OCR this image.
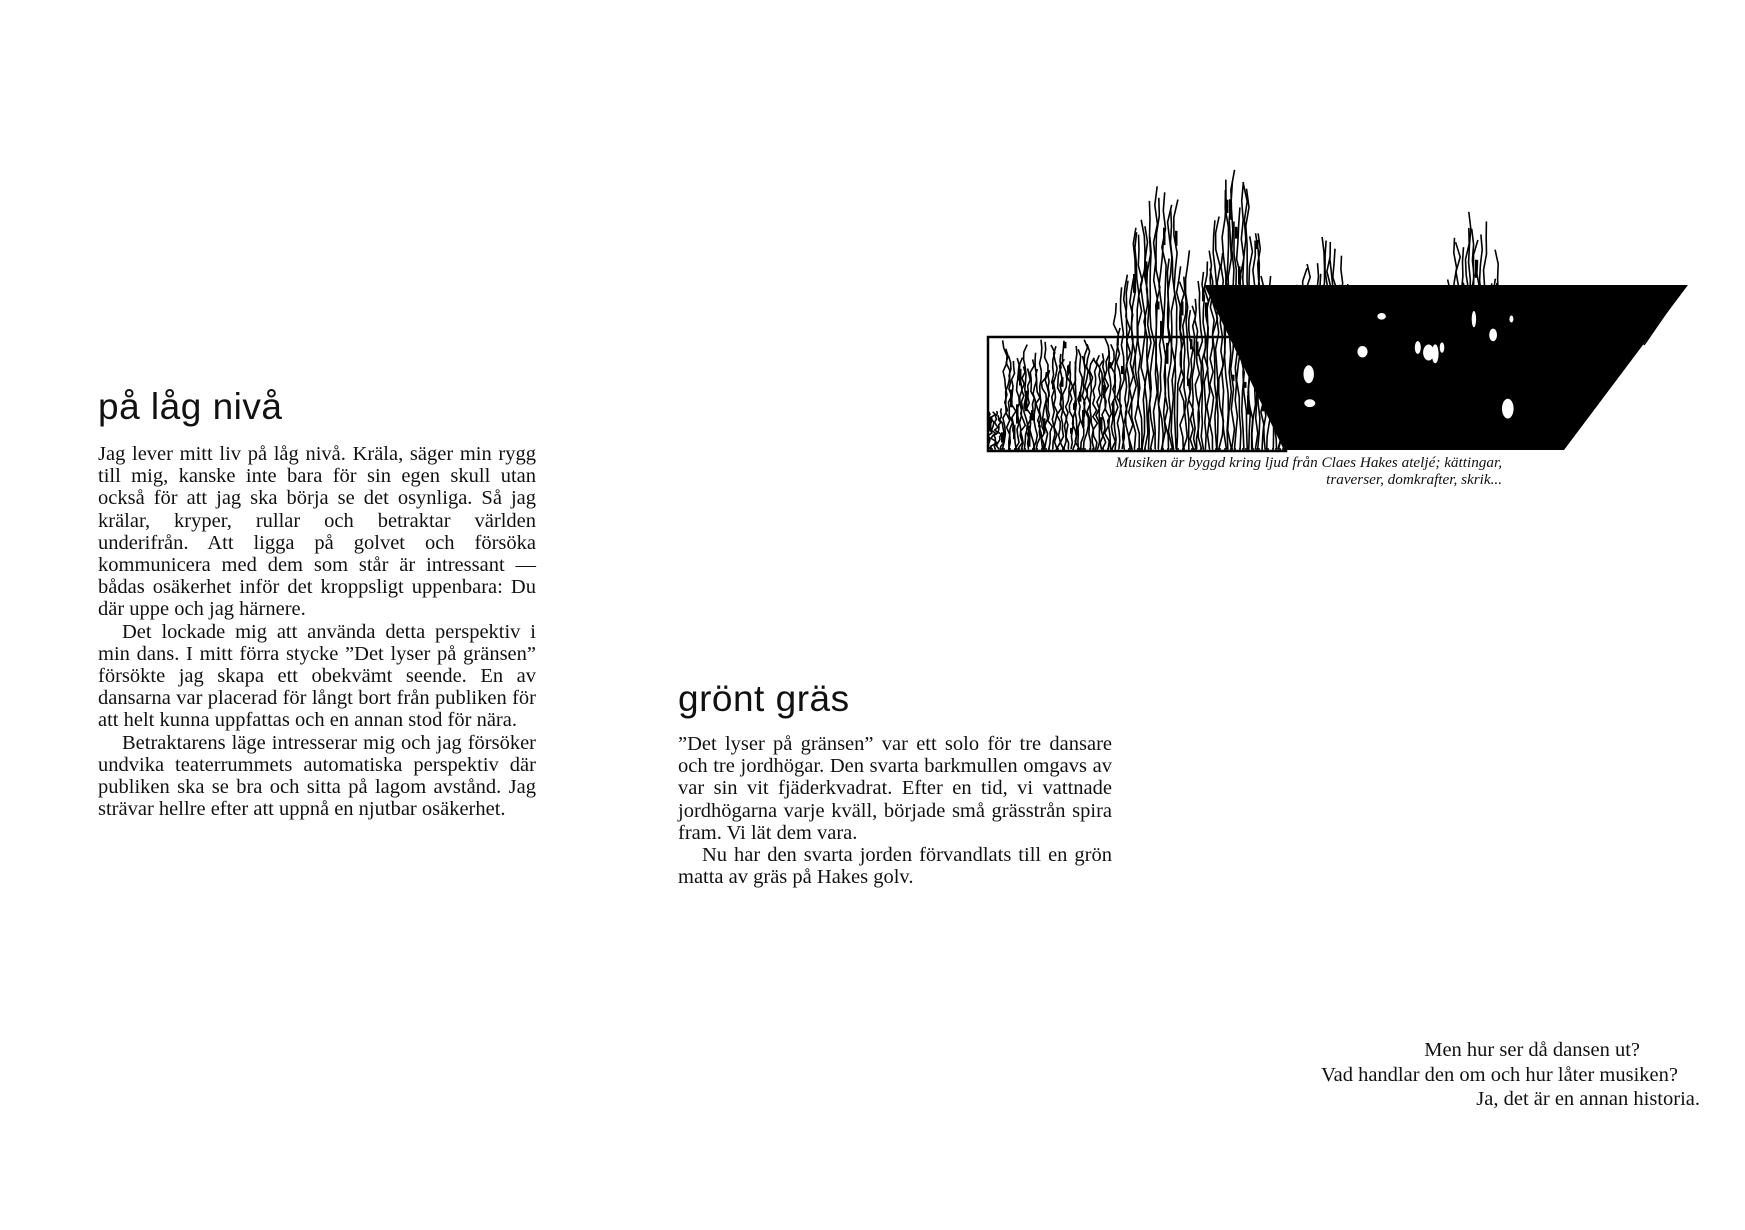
på låg nivå

Jag lever mitt liv på låg nivå. Kräla, säger min rygg till mig, kanske inte bara för sin egen skull utan också för att jag ska börja se det osynliga. Så jag krälar, kryper, rullar och betraktar världen underifrån. Att ligga på golvet och försöka kommunicera med dem som står är intressant — bådas osäkerhet inför det kroppsligt uppenbara: Du där uppe och jag härnere.

Det lockade mig att använda detta perspektiv i min dans. I mitt förra stycke ”Det lyser på gränsen” försökte jag skapa ett obekvämt seende. En av dansarna var placerad för långt bort från publiken för att helt kunna uppfattas och en annan stod för nära.

Betraktarens läge intresserar mig och jag försöker undvika teaterrummets automatiska perspektiv där publiken ska se bra och sitta på lagom avstånd. Jag strävar hellre efter att uppnå en njutbar osäkerhet.

grönt gräs

”Det lyser på gränsen” var ett solo för tre dansare och tre jordhögar. Den svarta barkmullen omgavs av var sin vit fjäderkvadrat. Efter en tid, vi vattnade jordhögarna varje kväll, började små grässtrån spira fram. Vi lät dem vara.

Nu har den svarta jorden förvandlats till en grön matta av gräs på Hakes golv.

Musiken är byggd kring ljud från Claes Hakes ateljé; kättingar, traverser, domkrafter, skrik...
Men hur ser då dansen ut?
Vad handlar den om och hur låter musiken?
Ja, det är en annan historia.
